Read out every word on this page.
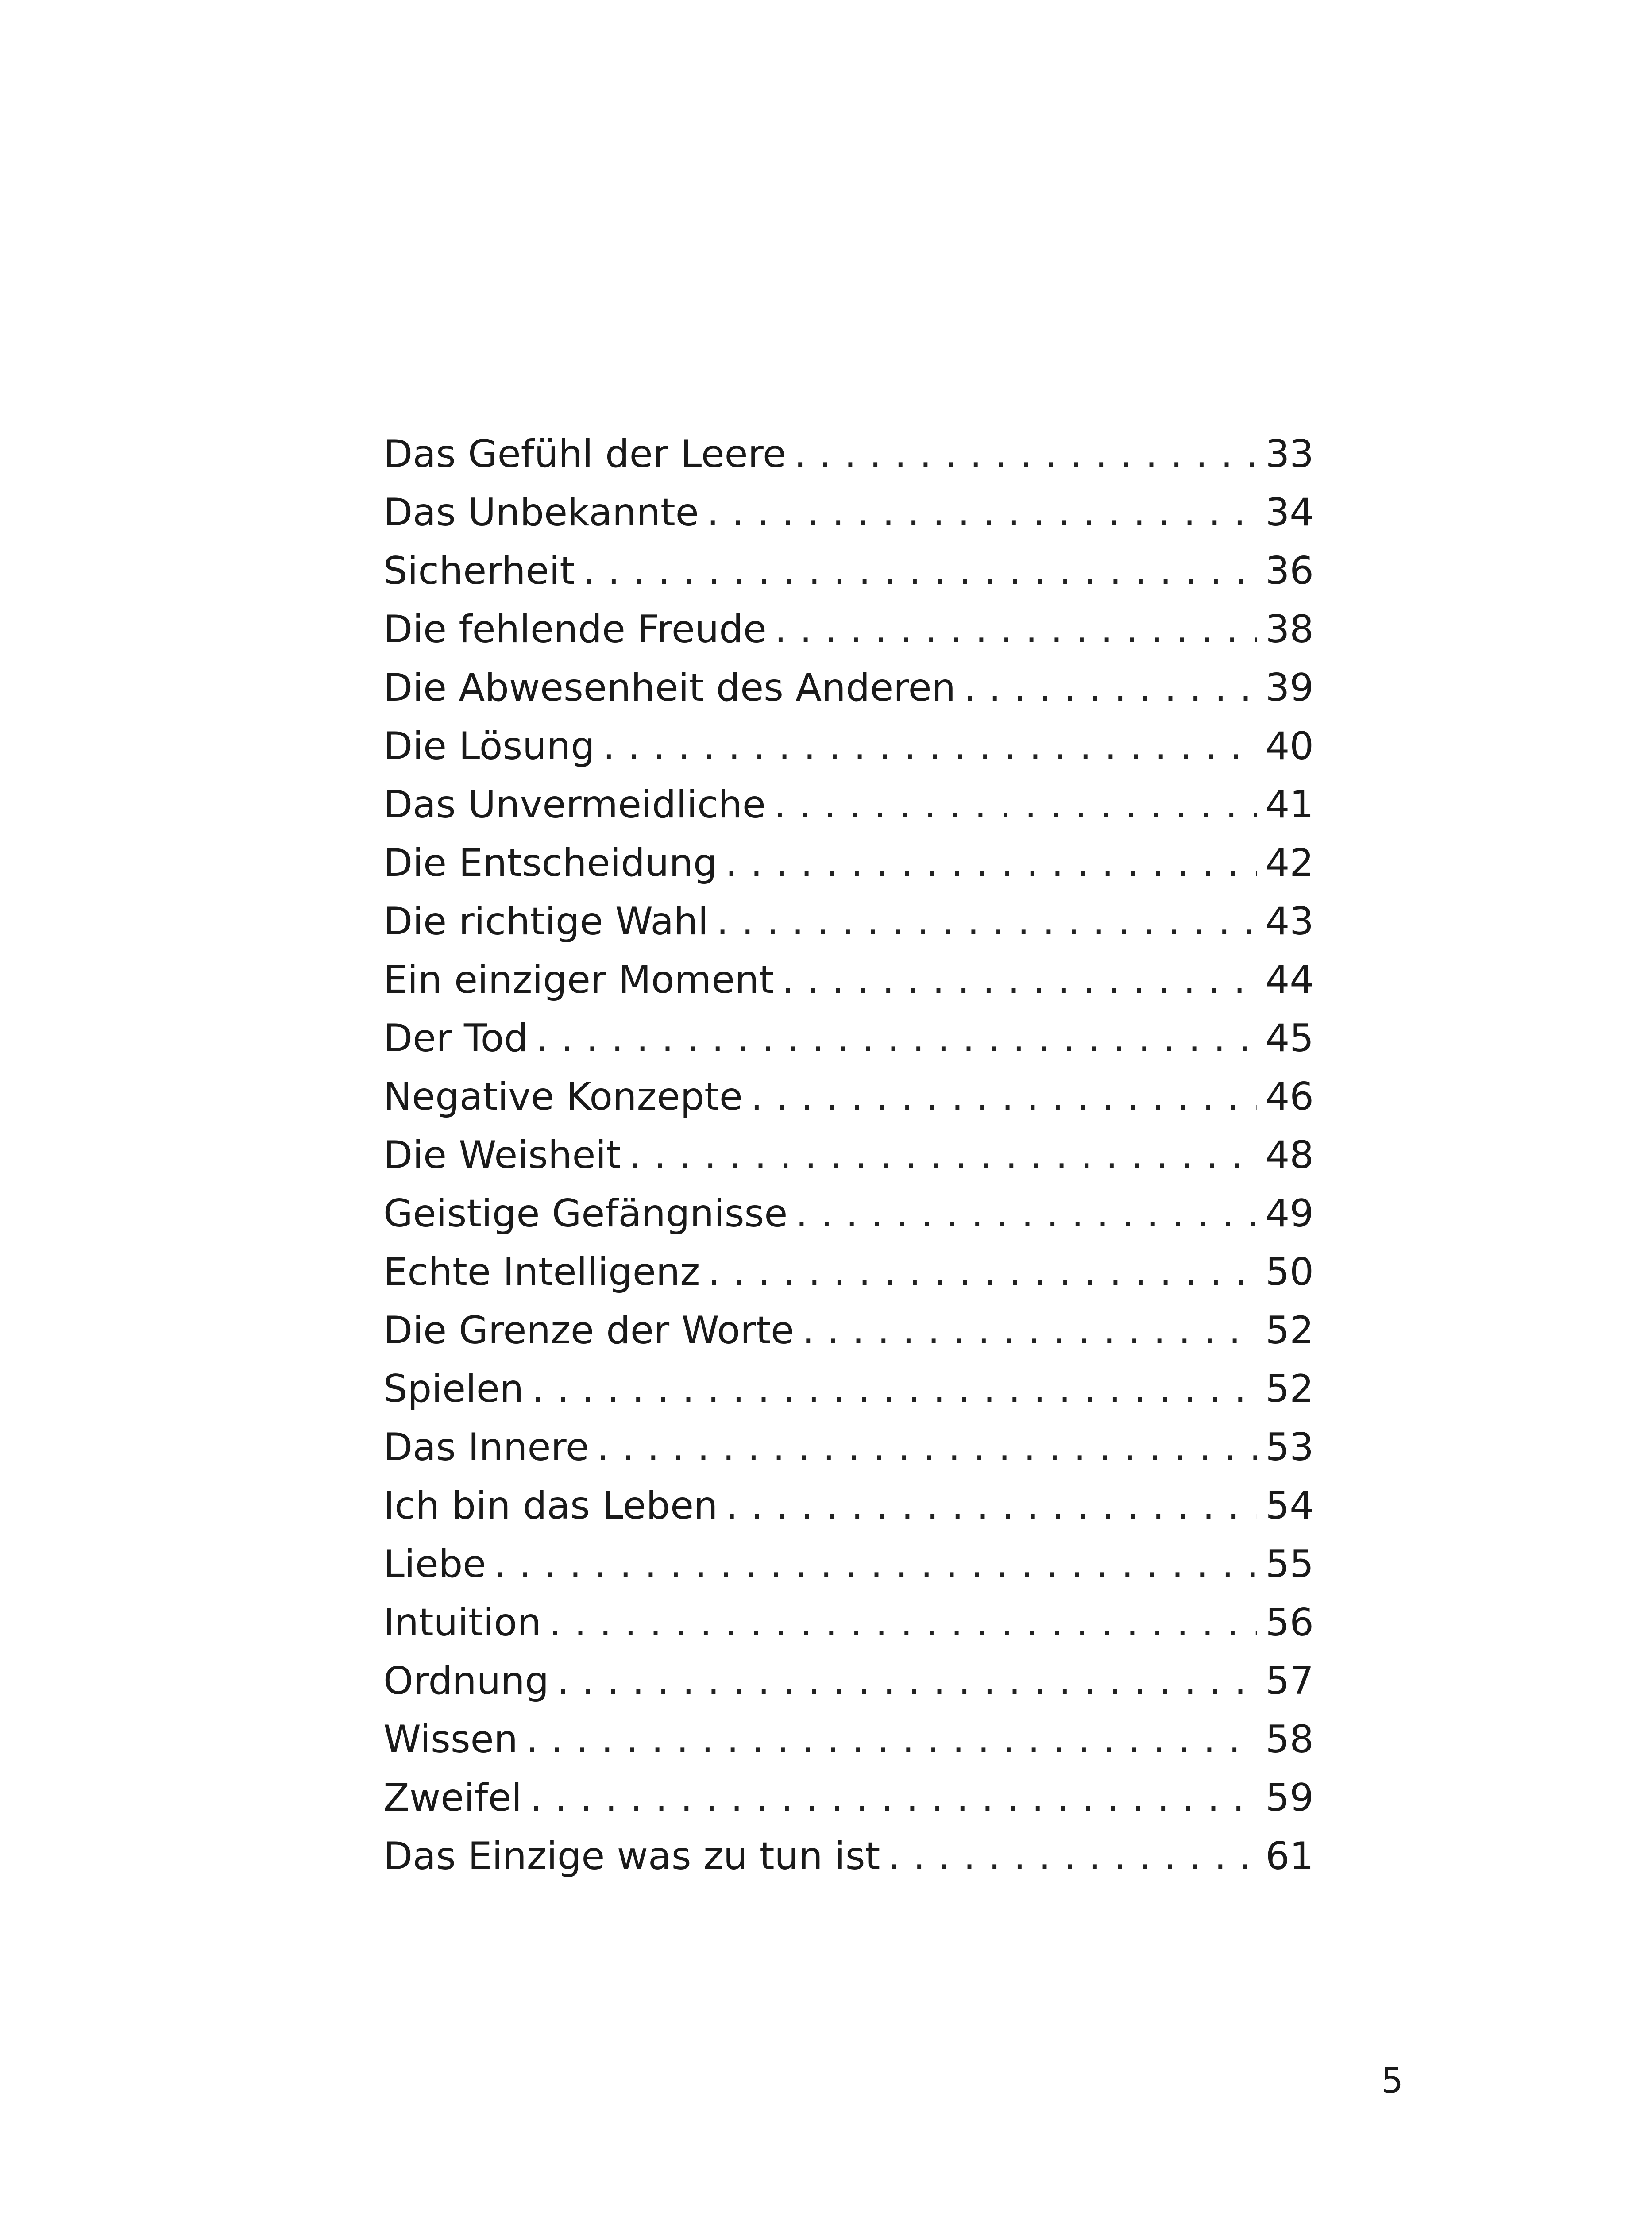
Das Gefühl der Leere . . .	33
Das Unbekannte . . .	34
Sicherheit . . .	36
Die fehlende Freude . . .	38
Die Abwesenheit des Anderen . . .	39
Die Lösung . . .	40
Das Unvermeidliche . . .	41
Die Entscheidung . . .	42
Die richtige Wahl . . .	43
Ein einziger Moment . . .	44
Der Tod . . .	45
Negative Konzepte . . .	46
Die Weisheit . . .	48
Geistige Gefängnisse . . .	49
Echte Intelligenz . . .	50
Die Grenze der Worte . . .	52
Spielen . . .	52
Das Innere . . .	53
Ich bin das Leben . . .	54
Liebe . . .	55
Intuition . . .	56
Ordnung . . .	57
Wissen . . .	58
Zweifel . . .	59
Das Einzige was zu tun ist . . .	61
5
